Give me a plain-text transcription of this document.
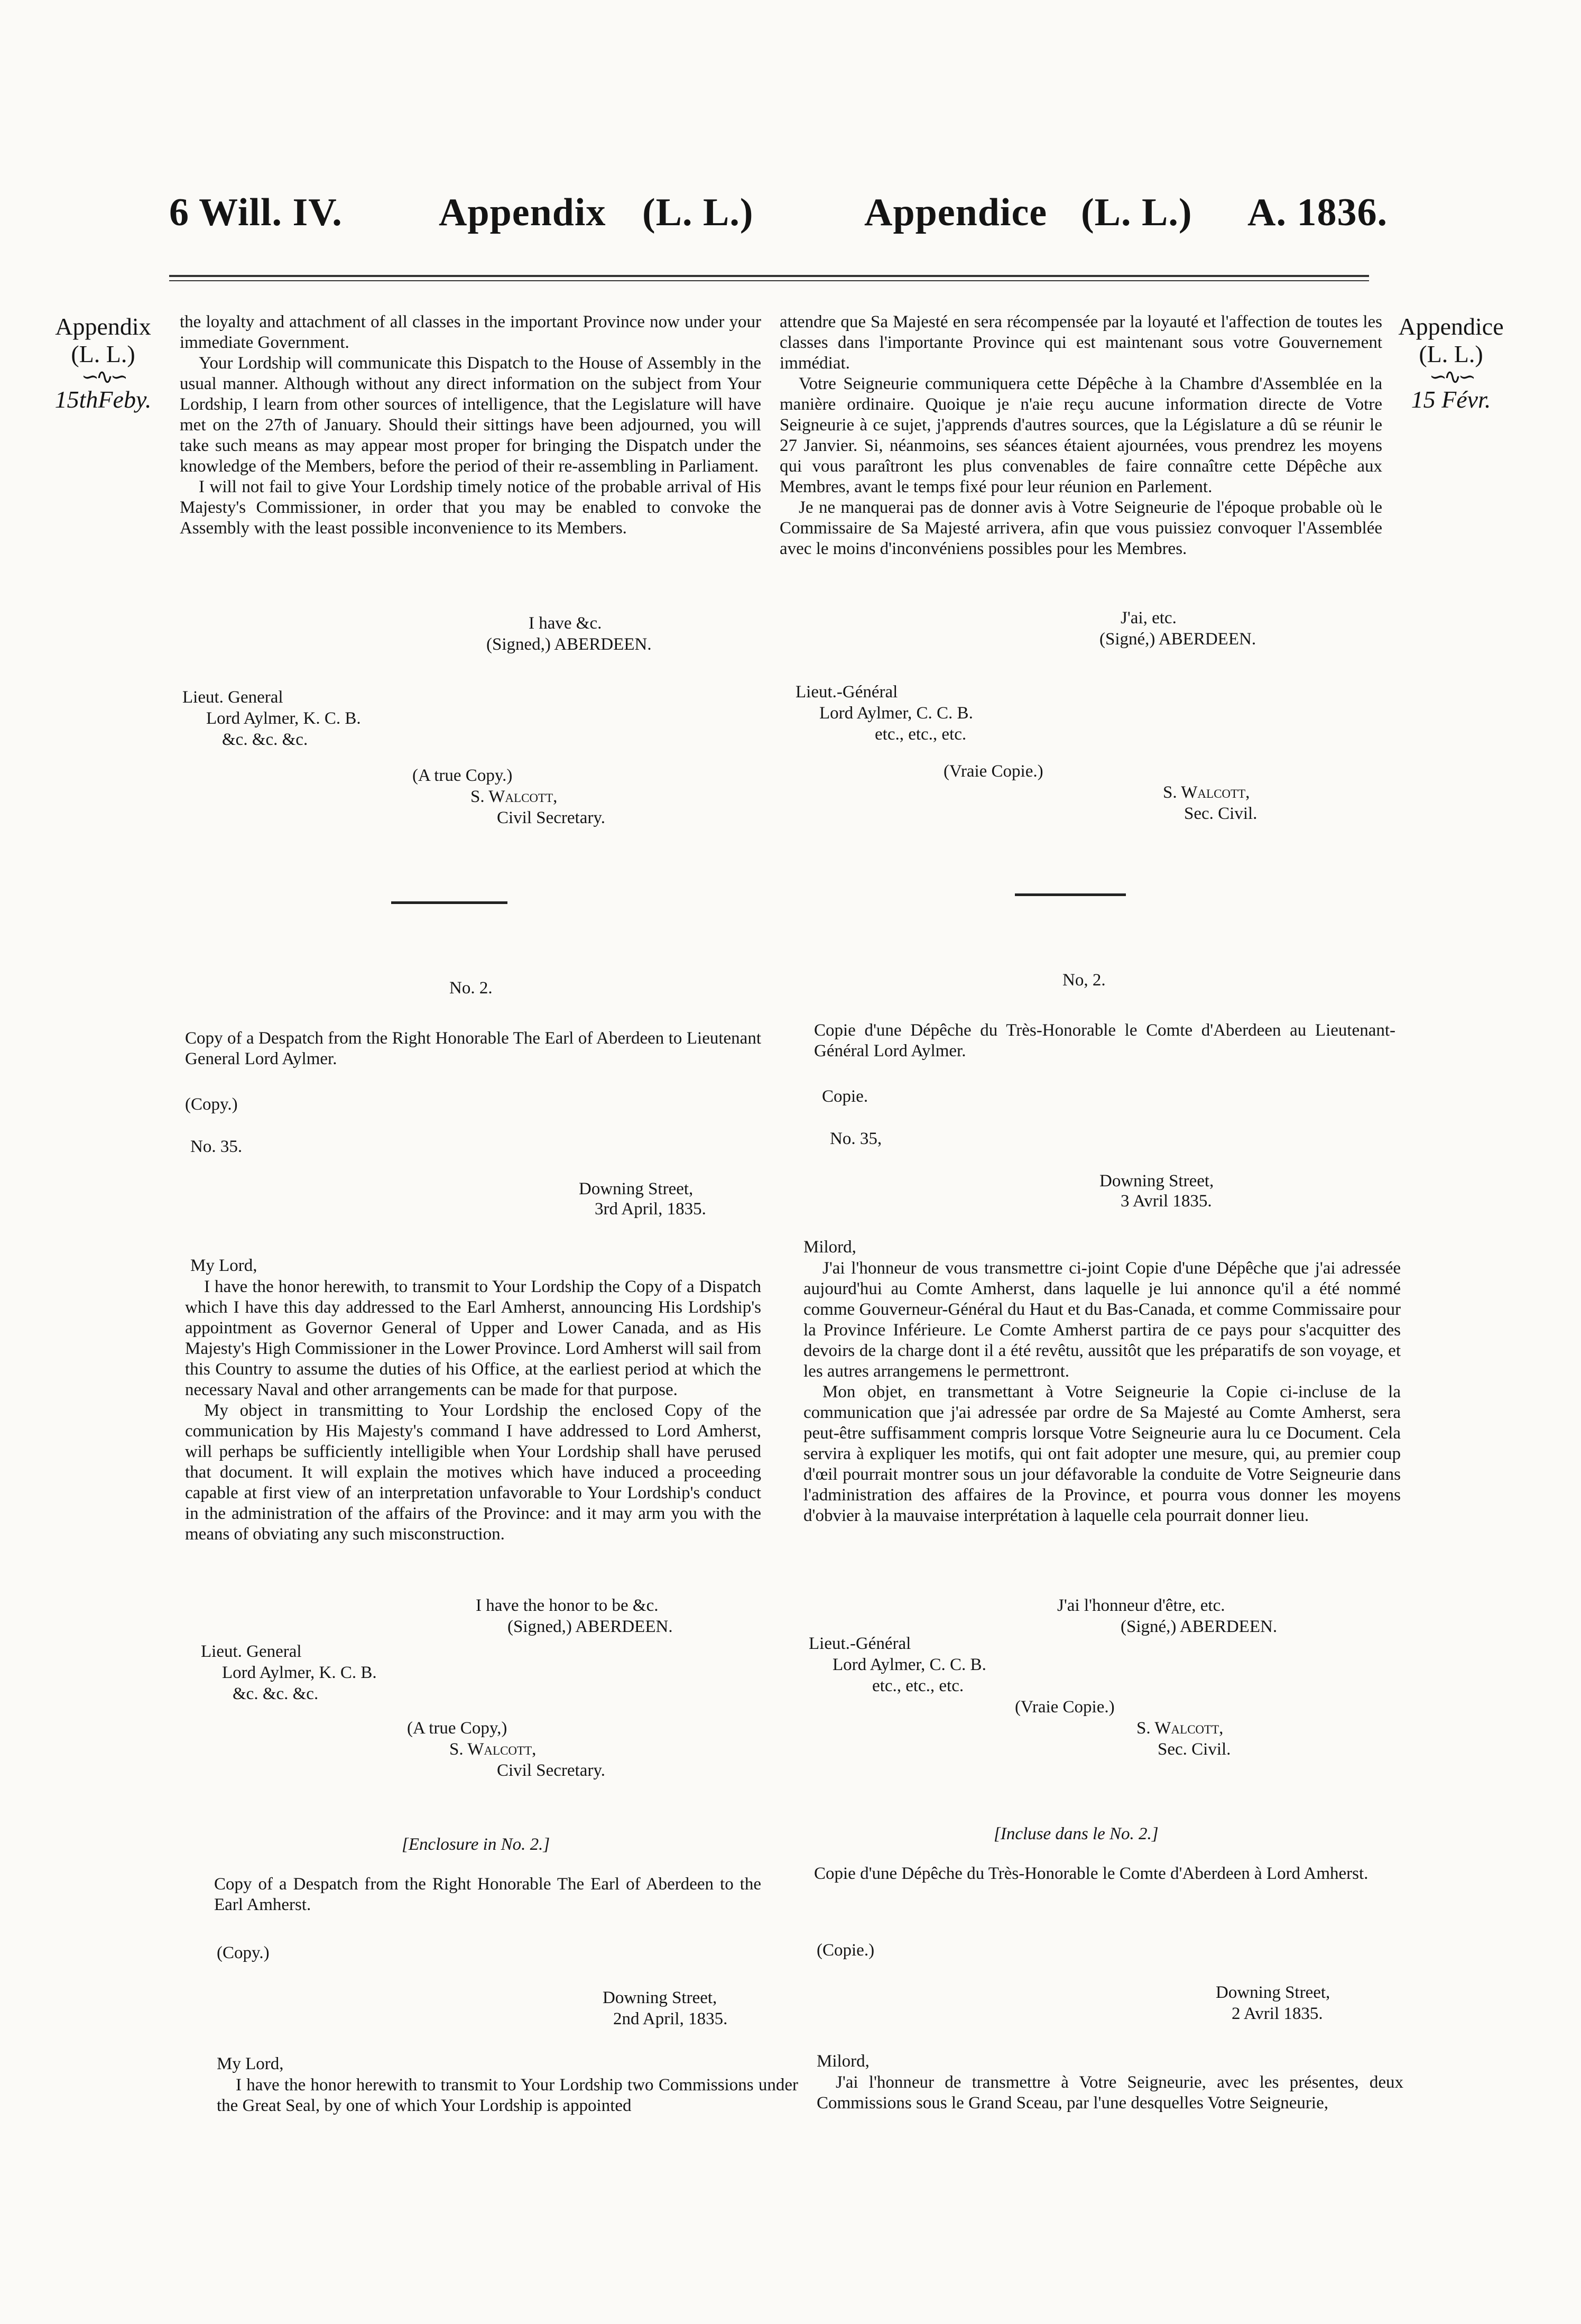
6 Will. IV. Appendix (L. L.)	Appendice (L. L.) A. 1836.
Appendix
(L. L.)
∽∿∽
15thFeby.
Appendice
(L. L.)
∽∿∽
15 Févr.

the loyalty and attachment of all classes in the important Province now under your immediate Government.

Your Lordship will communicate this Dispatch to the House of Assembly in the usual manner. Although without any direct information on the subject from Your Lordship, I learn from other sources of intelligence, that the Legislature will have met on the 27th of January. Should their sittings have been adjourned, you will take such means as may appear most proper for bringing the Dispatch under the knowledge of the Members, before the period of their re-assembling in Parliament.

I will not fail to give Your Lordship timely notice of the probable arrival of His Majesty's Commissioner, in order that you may be enabled to convoke the Assembly with the least possible inconvenience to its Members.

I have &c.
(Signed,) ABERDEEN.
Lieut. General
Lord Aylmer, K. C. B.
&c. &c. &c.
(A true Copy.)
S. Walcott,
Civil Secretary.
No. 2.

Copy of a Despatch from the Right Honorable The Earl of Aberdeen to Lieutenant General Lord Aylmer.

(Copy.)
No. 35.
Downing Street,
3rd April, 1835.
My Lord,

I have the honor herewith, to transmit to Your Lordship the Copy of a Dispatch which I have this day addressed to the Earl Amherst, announcing His Lordship's appointment as Governor General of Upper and Lower Canada, and as His Majesty's High Commissioner in the Lower Province. Lord Amherst will sail from this Country to assume the duties of his Office, at the earliest period at which the necessary Naval and other arrangements can be made for that purpose.

My object in transmitting to Your Lordship the enclosed Copy of the communication by His Majesty's command I have addressed to Lord Amherst, will perhaps be sufficiently intelligible when Your Lordship shall have perused that document. It will explain the motives which have induced a proceeding capable at first view of an interpretation unfavorable to Your Lordship's conduct in the administration of the affairs of the Province: and it may arm you with the means of obviating any such misconstruction.

I have the honor to be &c.
(Signed,) ABERDEEN.
Lieut. General
Lord Aylmer, K. C. B.
&c. &c. &c.
(A true Copy,)
S. Walcott,
Civil Secretary.
[Enclosure in No. 2.]

Copy of a Despatch from the Right Honorable The Earl of Aberdeen to the Earl Amherst.

(Copy.)
Downing Street,
2nd April, 1835.
My Lord,

I have the honor herewith to transmit to Your Lordship two Commissions under the Great Seal, by one of which Your Lordship is appointed

attendre que Sa Majesté en sera récompensée par la loyauté et l'affection de toutes les classes dans l'importante Province qui est maintenant sous votre Gouvernement immédiat.

Votre Seigneurie communiquera cette Dépêche à la Chambre d'Assemblée en la manière ordinaire. Quoique je n'aie reçu aucune information directe de Votre Seigneurie à ce sujet, j'apprends d'autres sources, que la Législature a dû se réunir le 27 Janvier. Si, néanmoins, ses séances étaient ajournées, vous prendrez les moyens qui vous paraîtront les plus convenables de faire connaître cette Dépêche aux Membres, avant le temps fixé pour leur réunion en Parlement.

Je ne manquerai pas de donner avis à Votre Seigneurie de l'époque probable où le Commissaire de Sa Majesté arrivera, afin que vous puissiez convoquer l'Assemblée avec le moins d'inconvéniens possibles pour les Membres.

J'ai, etc.
(Signé,) ABERDEEN.
Lieut.-Général
Lord Aylmer, C. C. B.
etc., etc., etc.
(Vraie Copie.)
S. Walcott,
Sec. Civil.
No, 2.

Copie d'une Dépêche du Très-Honorable le Comte d'Aberdeen au Lieutenant-Général Lord Aylmer.

Copie.
No. 35,
Downing Street,
3 Avril 1835.
Milord,

J'ai l'honneur de vous transmettre ci-joint Copie d'une Dépêche que j'ai adressée aujourd'hui au Comte Amherst, dans laquelle je lui annonce qu'il a été nommé comme Gouverneur-Général du Haut et du Bas-Canada, et comme Commissaire pour la Province Inférieure. Le Comte Amherst partira de ce pays pour s'acquitter des devoirs de la charge dont il a été revêtu, aussitôt que les préparatifs de son voyage, et les autres arrangemens le permettront.

Mon objet, en transmettant à Votre Seigneurie la Copie ci-incluse de la communication que j'ai adressée par ordre de Sa Majesté au Comte Amherst, sera peut-être suffisamment compris lorsque Votre Seigneurie aura lu ce Document. Cela servira à expliquer les motifs, qui ont fait adopter une mesure, qui, au premier coup d'œil pourrait montrer sous un jour défavorable la conduite de Votre Seigneurie dans l'administration des affaires de la Province, et pourra vous donner les moyens d'obvier à la mauvaise interprétation à laquelle cela pourrait donner lieu.

J'ai l'honneur d'être, etc.
(Signé,) ABERDEEN.
Lieut.-Général
Lord Aylmer, C. C. B.
etc., etc., etc.
(Vraie Copie.)
S. Walcott,
Sec. Civil.
[Incluse dans le No. 2.]

Copie d'une Dépêche du Très-Honorable le Comte d'Aberdeen à Lord Amherst.

(Copie.)
Downing Street,
2 Avril 1835.
Milord,

J'ai l'honneur de transmettre à Votre Seigneurie, avec les présentes, deux Commissions sous le Grand Sceau, par l'une desquelles Votre Seigneurie,
